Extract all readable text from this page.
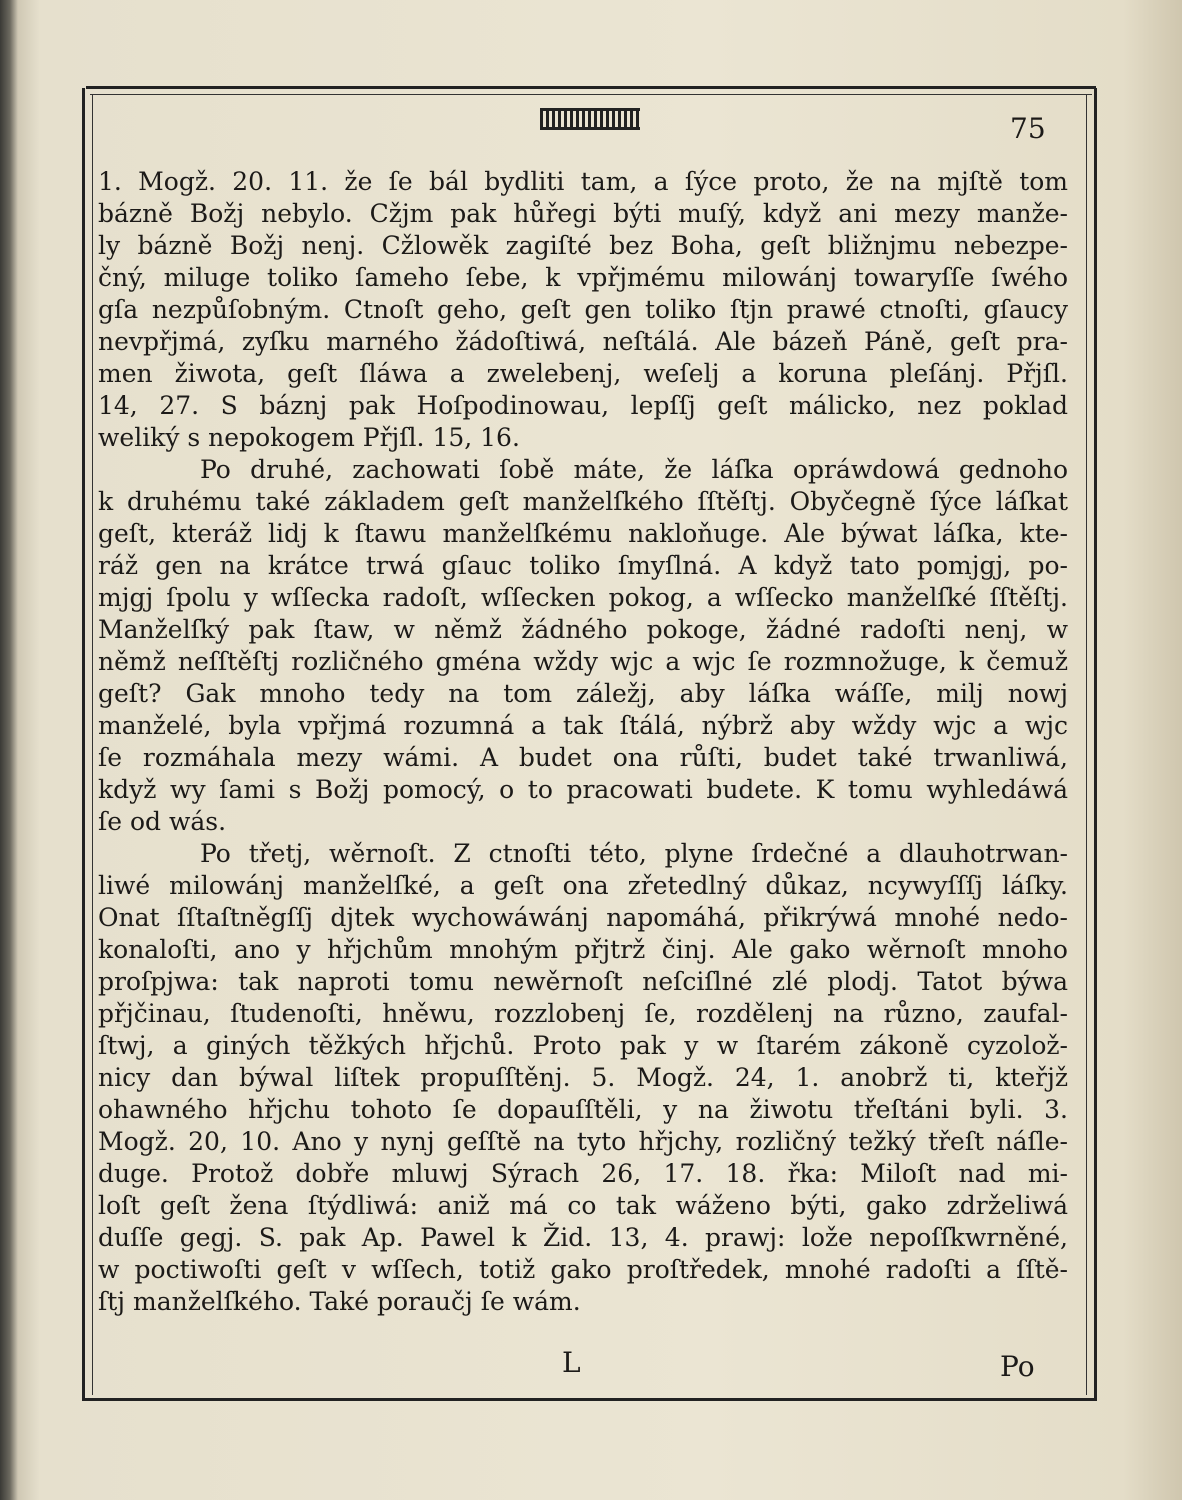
75
1. Mogž. 20. 11. že ſe bál bydliti tam, a ſýce proto, že na mjſtě tom
bázně Božj nebylo. Cžjm pak hůřegi býti muſý, když ani mezy manže-
ly bázně Božj nenj. Cžlowěk zagiſté bez Boha, geſt bližnjmu nebezpe-
čný, miluge toliko ſameho ſebe, k vpřjmému milowánj towaryſſe ſwého
gſa nezpůſobným. Ctnoſt geho, geſt gen toliko ſtjn prawé ctnoſti, gſaucy
nevpřjmá, zyſku marného žádoſtiwá, neſtálá. Ale bázeň Páně, geſt pra-
men žiwota, geſt ſláwa a zwelebenj, weſelj a koruna pleſánj. Přjſl.
14, 27. S báznj pak Hoſpodinowau, lepſſj geſt málicko, nez poklad
weliký s nepokogem Přjſl. 15, 16.
Po druhé, zachowati ſobě máte, že láſka opráwdowá gednoho
k druhému také základem geſt manželſkého ſſtěſtj. Obyčegně ſýce láſkat
geſt, kteráž lidj k ſtawu manželſkému nakloňuge. Ale býwat láſka, kte-
ráž gen na krátce trwá gſauc toliko ſmyſlná. A když tato pomjgj, po-
mjgj ſpolu y wſſecka radoſt, wſſecken pokog, a wſſecko manželſké ſſtěſtj.
Manželſký pak ſtaw, w němž žádného pokoge, žádné radoſti nenj, w
němž neſſtěſtj rozličného gména wždy wjc a wjc ſe rozmnožuge, k čemuž
geſt? Gak mnoho tedy na tom záležj, aby láſka wáſſe, milj nowj
manželé, byla vpřjmá rozumná a tak ſtálá, nýbrž aby wždy wjc a wjc
ſe rozmáhala mezy wámi. A budet ona růſti, budet také trwanliwá,
když wy ſami s Božj pomocý, o to pracowati budete. K tomu wyhledáwá
ſe od wás.
Po třetj, wěrnoſt. Z ctnoſti této, plyne ſrdečné a dlauhotrwan-
liwé milowánj manželſké, a geſt ona zřetedlný důkaz, ncywyſſſj láſky.
Onat ſſtaſtněgſſj djtek wychowáwánj napomáhá, přikrýwá mnohé nedo-
konaloſti, ano y hřjchům mnohým přjtrž činj. Ale gako wěrnoſt mnoho
proſpjwa: tak naproti tomu newěrnoſt neſciſlné zlé plodj. Tatot býwa
přjčinau, ſtudenoſti, hněwu, rozzlobenj ſe, rozdělenj na různo, zaufal-
ſtwj, a giných těžkých hřjchů. Proto pak y w ſtarém zákoně cyzolož-
nicy dan býwal liſtek propuſſtěnj. 5. Mogž. 24, 1. anobrž ti, kteřjž
ohawného hřjchu tohoto ſe dopauſſtěli, y na žiwotu třeſtáni byli. 3.
Mogž. 20, 10. Ano y nynj geſſtě na tyto hřjchy, rozličný težký třeſt náſle-
duge. Protož dobře mluwj Sýrach 26, 17. 18. řka: Miloſt nad mi-
loſt geſt žena ſtýdliwá: aniž má co tak wáženo býti, gako zdrželiwá
duſſe gegj. S. pak Ap. Pawel k Žid. 13, 4. prawj: lože nepoſſkwrněné,
w poctiwoſti geſt v wſſech, totiž gako proſtředek, mnohé radoſti a ſſtě-
ſtj manželſkého. Také poraučj ſe wám.
L	Po
